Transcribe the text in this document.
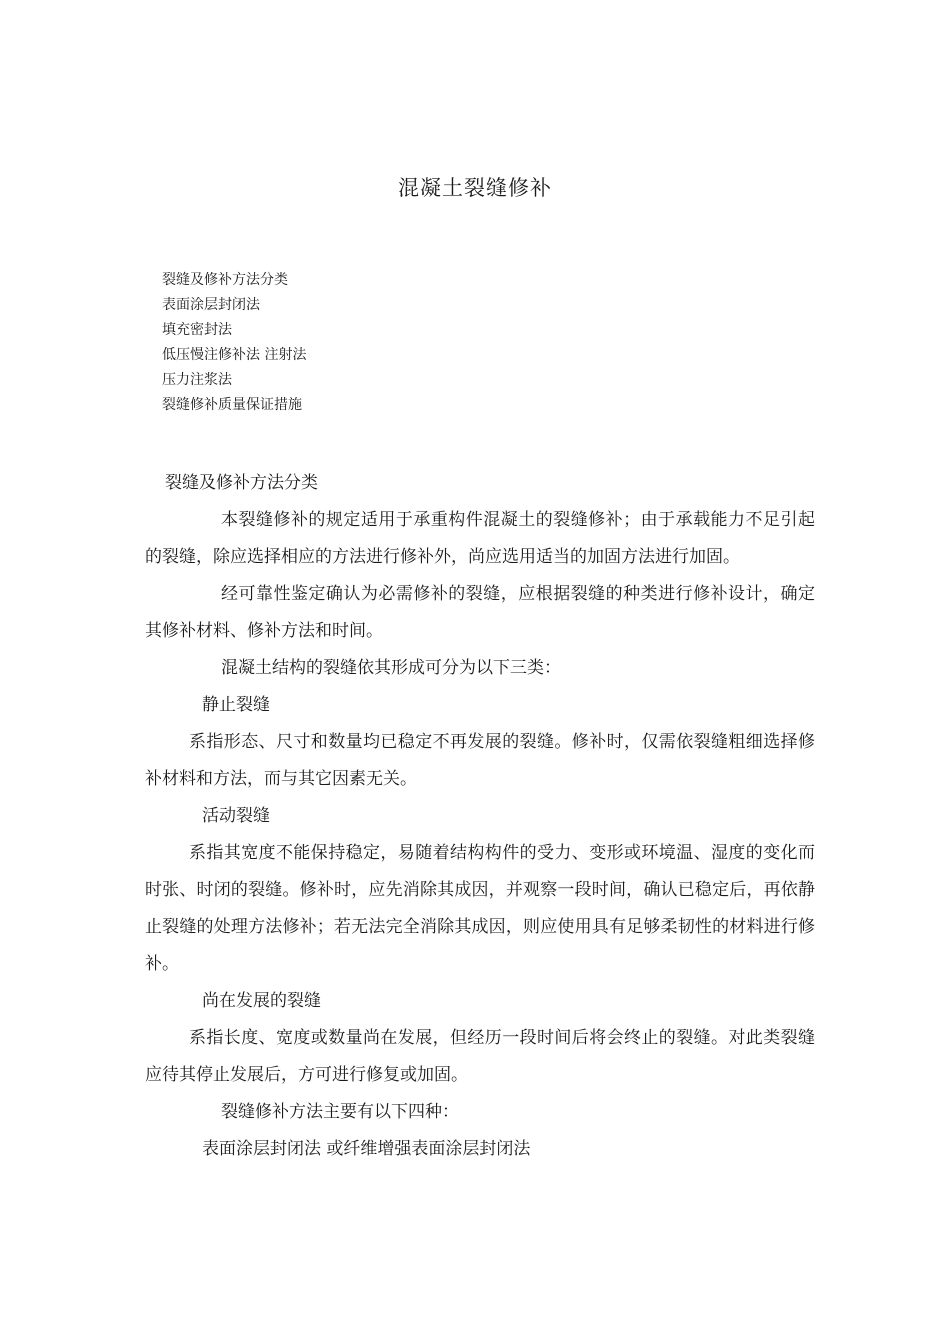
混凝土裂缝修补
裂缝及修补方法分类
表面涂层封闭法
填充密封法
低压慢注修补法 注射法
压力注浆法
裂缝修补质量保证措施

裂缝及修补方法分类

本裂缝修补的规定适用于承重构件混凝土的裂缝修补；由于承载能力不足引起的裂缝，除应选择相应的方法进行修补外，尚应选用适当的加固方法进行加固。

经可靠性鉴定确认为必需修补的裂缝，应根据裂缝的种类进行修补设计，确定其修补材料、修补方法和时间。

混凝土结构的裂缝依其形成可分为以下三类：

静止裂缝

系指形态、尺寸和数量均已稳定不再发展的裂缝。修补时，仅需依裂缝粗细选择修补材料和方法，而与其它因素无关。

活动裂缝

系指其宽度不能保持稳定，易随着结构构件的受力、变形或环境温、湿度的变化而时张、时闭的裂缝。修补时，应先消除其成因，并观察一段时间，确认已稳定后，再依静止裂缝的处理方法修补；若无法完全消除其成因，则应使用具有足够柔韧性的材料进行修补。

尚在发展的裂缝

系指长度、宽度或数量尚在发展，但经历一段时间后将会终止的裂缝。对此类裂缝应待其停止发展后，方可进行修复或加固。

裂缝修补方法主要有以下四种：

表面涂层封闭法 或纤维增强表面涂层封闭法
